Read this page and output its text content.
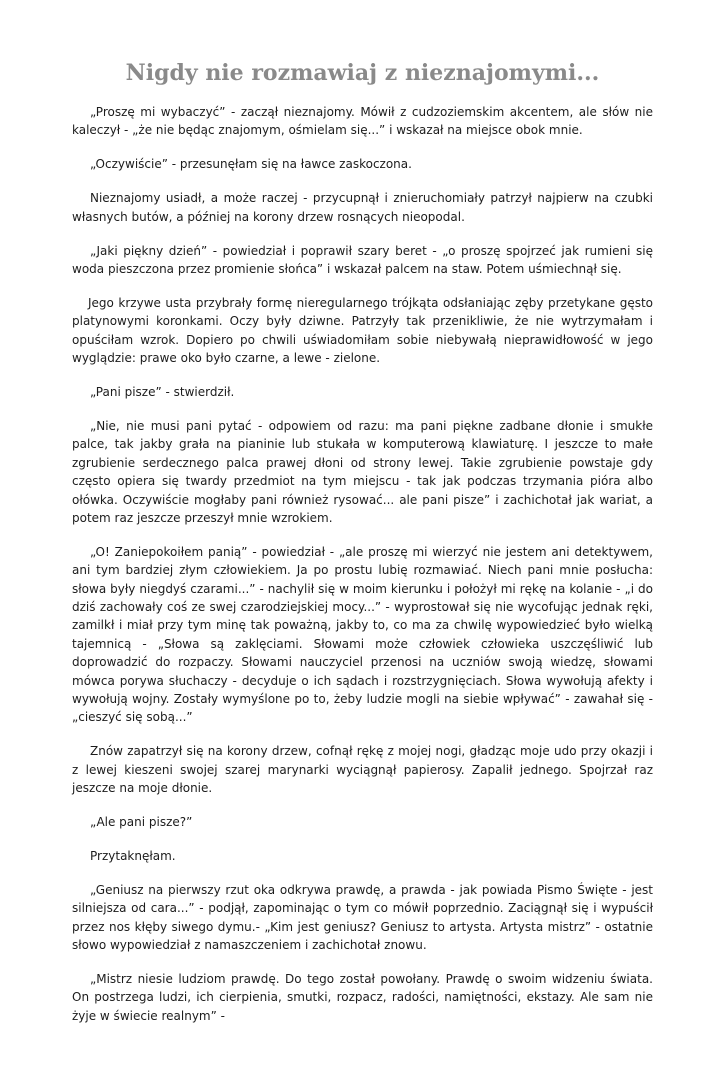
Nigdy nie rozmawiaj z nieznajomymi...

„Proszę mi wybaczyć” - zaczął nieznajomy. Mówił z cudzoziemskim akcentem, ale słów nie kaleczył - „że nie będąc znajomym, ośmielam się...” i wskazał na miejsce obok mnie.

„Oczywiście” - przesunęłam się na ławce zaskoczona.

Nieznajomy usiadł, a może raczej - przycupnął i znieruchomiały patrzył najpierw na czubki własnych butów, a później na korony drzew rosnących nieopodal.

„Jaki piękny dzień” - powiedział i poprawił szary beret - „o proszę spojrzeć jak rumieni się woda pieszczona przez promienie słońca” i wskazał palcem na staw. Potem uśmiechnął się.

Jego krzywe usta przybrały formę nieregularnego trójkąta odsłaniając zęby przetykane gęsto platynowymi koronkami. Oczy były dziwne. Patrzyły tak przenikliwie, że nie wytrzymałam i opuściłam wzrok. Dopiero po chwili uświadomiłam sobie niebywałą nieprawidłowość w jego wyglądzie: prawe oko było czarne, a lewe - zielone.

„Pani pisze” - stwierdził.

„Nie, nie musi pani pytać - odpowiem od razu: ma pani piękne zadbane dłonie i smukłe palce, tak jakby grała na pianinie lub stukała w komputerową klawiaturę. I jeszcze to małe zgrubienie serdecznego palca prawej dłoni od strony lewej. Takie zgrubienie powstaje gdy często opiera się twardy przedmiot na tym miejscu - tak jak podczas trzymania pióra albo ołówka. Oczywiście mogłaby pani również rysować... ale pani pisze” i zachichotał jak wariat, a potem raz jeszcze przeszył mnie wzrokiem.

„O! Zaniepokoiłem panią” - powiedział - „ale proszę mi wierzyć nie jestem ani detektywem, ani tym bardziej złym człowiekiem. Ja po prostu lubię rozmawiać. Niech pani mnie posłucha: słowa były niegdyś czarami...” - nachylił się w moim kierunku i położył mi rękę na kolanie - „i do dziś zachowały coś ze swej czarodziejskiej mocy...” - wyprostował się nie wycofując jednak ręki, zamilkł i miał przy tym minę tak poważną, jakby to, co ma za chwilę wypowiedzieć było wielką tajemnicą - „Słowa są zaklęciami. Słowami może człowiek człowieka uszczęśliwić lub doprowadzić do rozpaczy. Słowami nauczyciel przenosi na uczniów swoją wiedzę, słowami mówca porywa słuchaczy - decyduje o ich sądach i rozstrzygnięciach. Słowa wywołują afekty i wywołują wojny. Zostały wymyślone po to, żeby ludzie mogli na siebie wpływać” - zawahał się - „cieszyć się sobą...”

Znów zapatrzył się na korony drzew, cofnął rękę z mojej nogi, gładząc moje udo przy okazji i z lewej kieszeni swojej szarej marynarki wyciągnął papierosy. Zapalił jednego. Spojrzał raz jeszcze na moje dłonie.

„Ale pani pisze?”

Przytaknęłam.

„Geniusz na pierwszy rzut oka odkrywa prawdę, a prawda - jak powiada Pismo Święte - jest silniejsza od cara...” - podjął, zapominając o tym co mówił poprzednio. Zaciągnął się i wypuścił przez nos kłęby siwego dymu.- „Kim jest geniusz? Geniusz to artysta. Artysta mistrz” - ostatnie słowo wypowiedział z namaszczeniem i zachichotał znowu.

„Mistrz niesie ludziom prawdę. Do tego został powołany. Prawdę o swoim widzeniu świata. On postrzega ludzi, ich cierpienia, smutki, rozpacz, radości, namiętności, ekstazy. Ale sam nie żyje w świecie realnym” -
